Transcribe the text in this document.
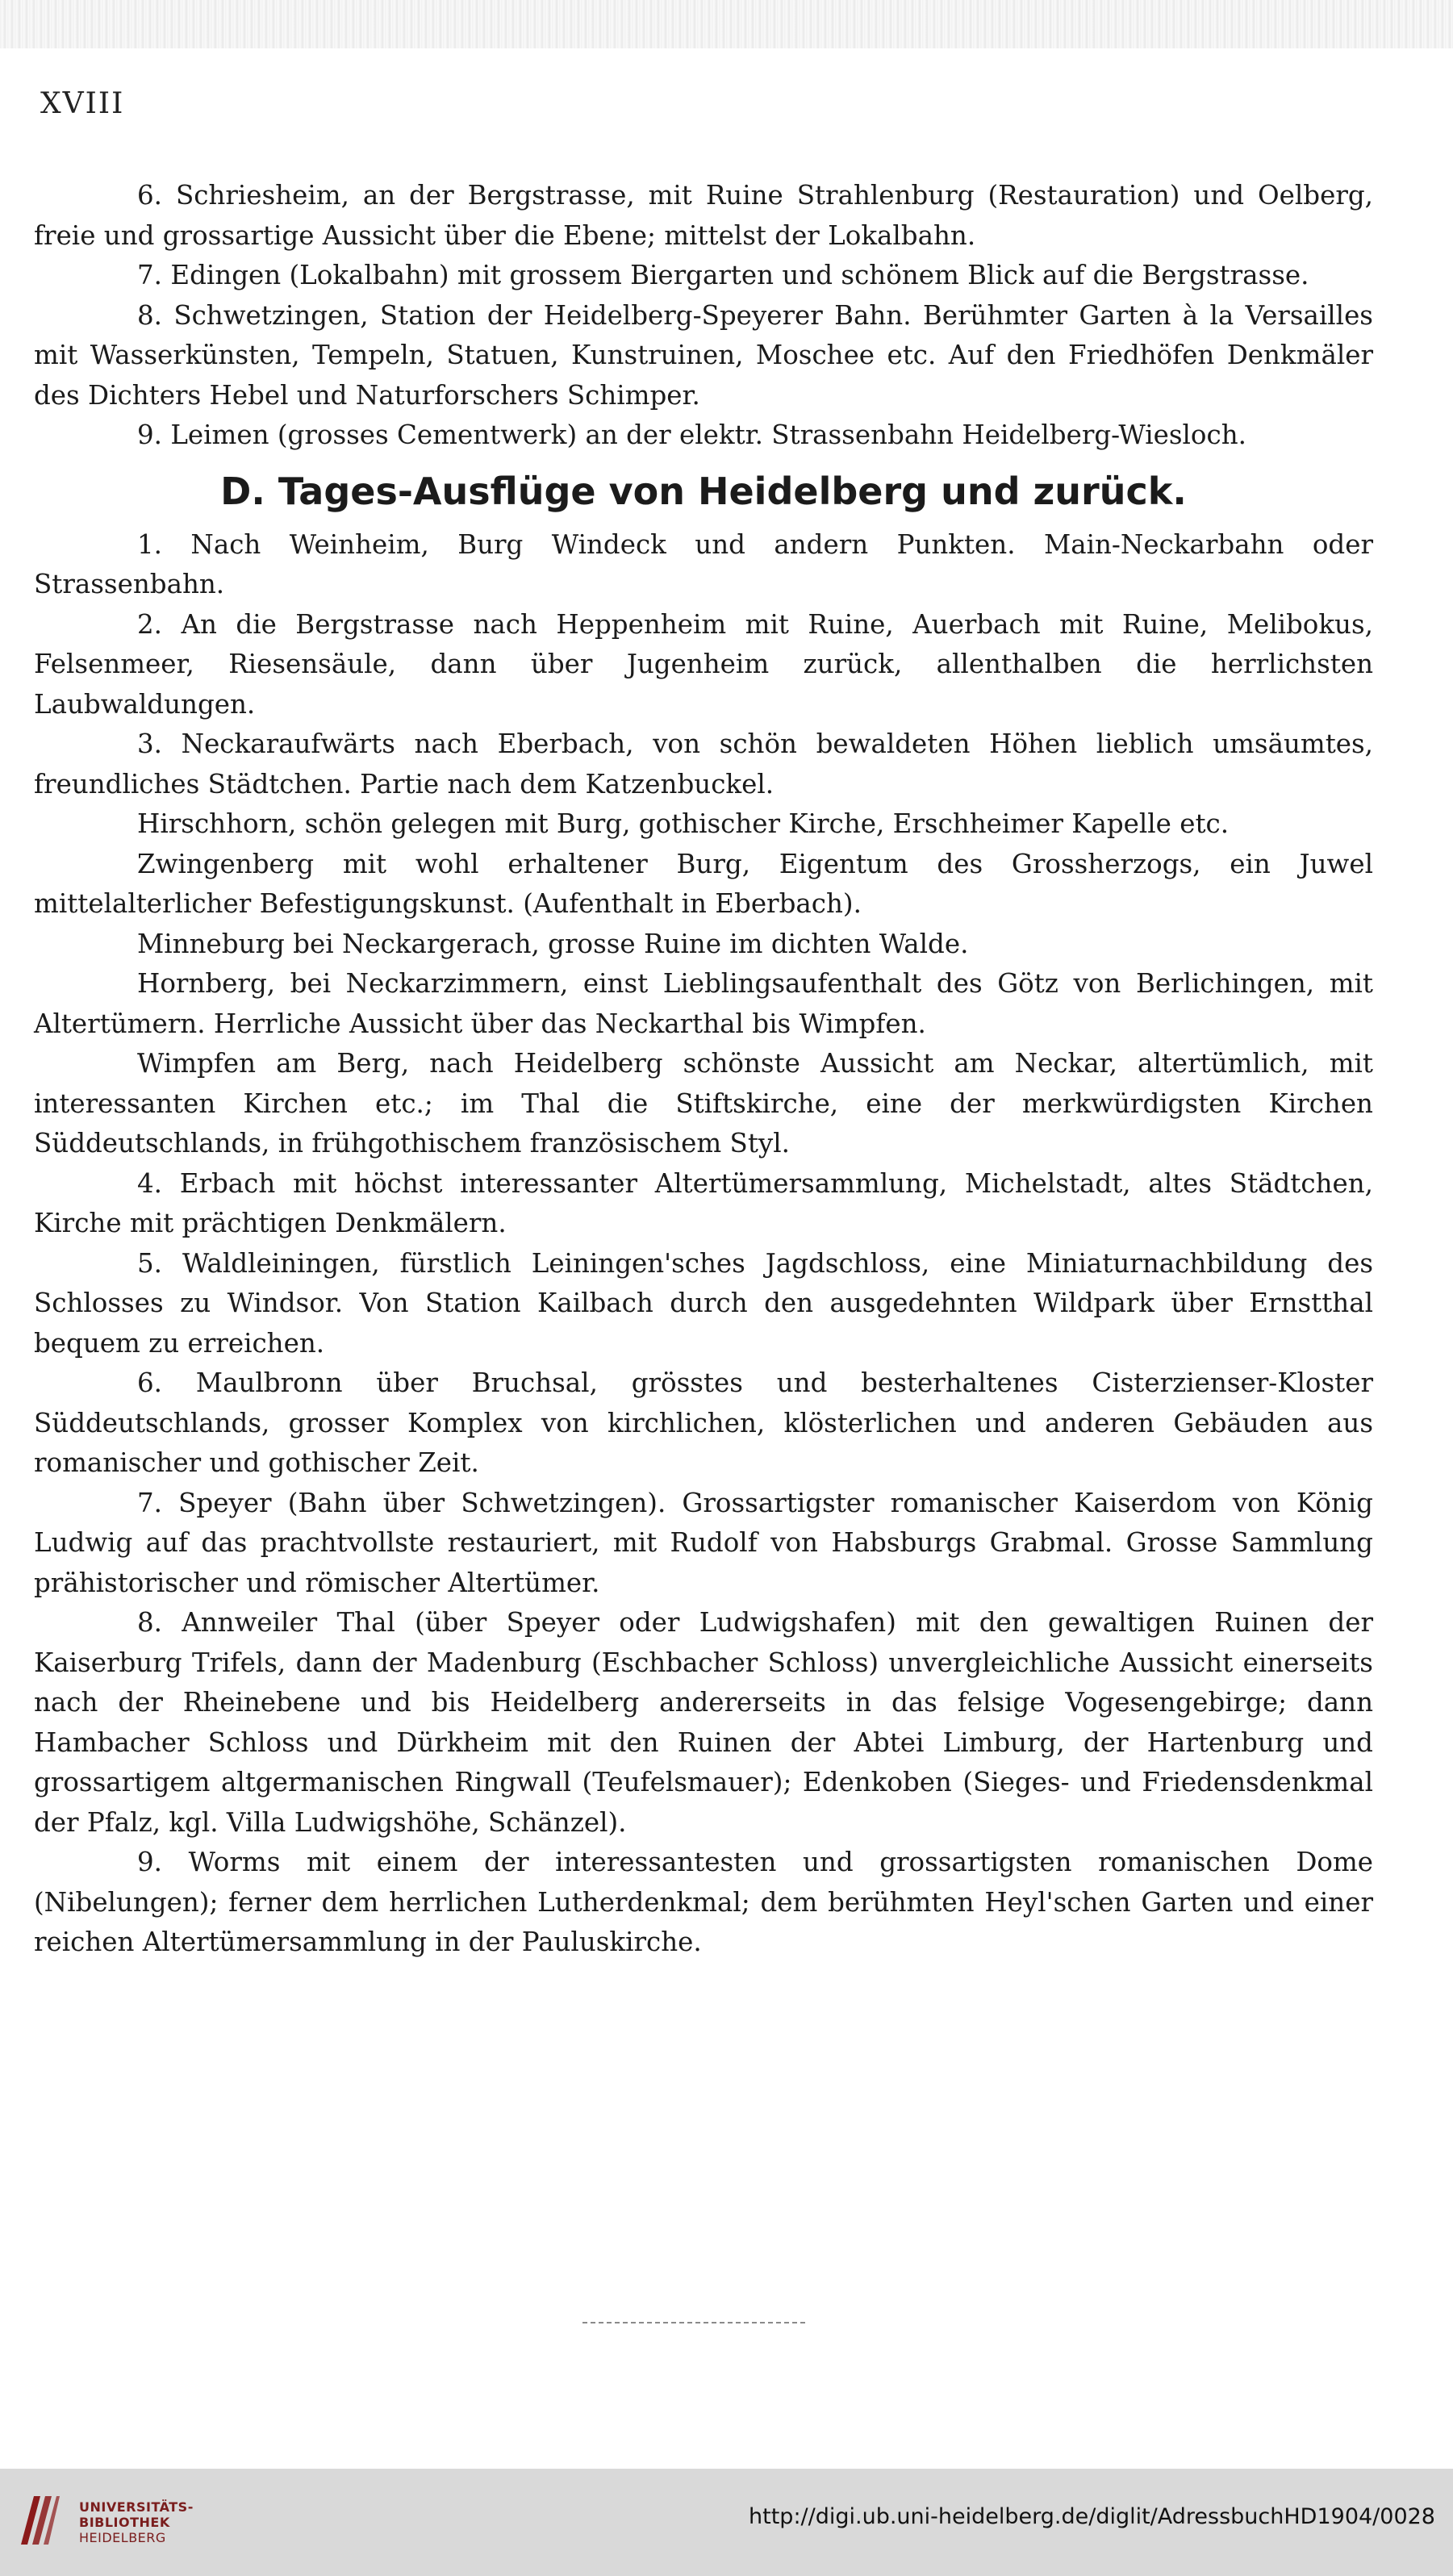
XVIII

6. Schriesheim, an der Bergstrasse, mit Ruine Strahlenburg (Restauration) und Oelberg, freie und grossartige Aussicht über die Ebene; mittelst der Lokalbahn.

7. Edingen (Lokalbahn) mit grossem Biergarten und schönem Blick auf die Bergstrasse.

8. Schwetzingen, Station der Heidelberg-Speyerer Bahn. Berühmter Garten à la Versailles mit Wasserkünsten, Tempeln, Statuen, Kunstruinen, Moschee etc. Auf den Friedhöfen Denkmäler des Dichters Hebel und Naturforschers Schimper.

9. Leimen (grosses Cementwerk) an der elektr. Strassenbahn Heidelberg-Wiesloch.

D. Tages-Ausflüge von Heidelberg und zurück.

1. Nach Weinheim, Burg Windeck und andern Punkten. Main-Neckarbahn oder Strassenbahn.

2. An die Bergstrasse nach Heppenheim mit Ruine, Auerbach mit Ruine, Melibokus, Felsenmeer, Riesensäule, dann über Jugenheim zurück, allenthalben die herrlichsten Laubwaldungen.

3. Neckaraufwärts nach Eberbach, von schön bewaldeten Höhen lieblich umsäumtes, freundliches Städtchen. Partie nach dem Katzenbuckel.

Hirschhorn, schön gelegen mit Burg, gothischer Kirche, Erschheimer Kapelle etc.

Zwingenberg mit wohl erhaltener Burg, Eigentum des Grossherzogs, ein Juwel mittelalterlicher Befestigungskunst. (Aufenthalt in Eberbach).

Minneburg bei Neckargerach, grosse Ruine im dichten Walde.

Hornberg, bei Neckarzimmern, einst Lieblingsaufenthalt des Götz von Berlichingen, mit Altertümern. Herrliche Aussicht über das Neckarthal bis Wimpfen.

Wimpfen am Berg, nach Heidelberg schönste Aussicht am Neckar, altertümlich, mit interessanten Kirchen etc.; im Thal die Stiftskirche, eine der merkwürdigsten Kirchen Süddeutschlands, in frühgothischem französischem Styl.

4. Erbach mit höchst interessanter Altertümersammlung, Michelstadt, altes Städtchen, Kirche mit prächtigen Denkmälern.

5. Waldleiningen, fürstlich Leiningen'sches Jagdschloss, eine Miniaturnachbildung des Schlosses zu Windsor. Von Station Kailbach durch den ausgedehnten Wildpark über Ernstthal bequem zu erreichen.

6. Maulbronn über Bruchsal, grösstes und besterhaltenes Cisterzienser-Kloster Süddeutschlands, grosser Komplex von kirchlichen, klösterlichen und anderen Gebäuden aus romanischer und gothischer Zeit.

7. Speyer (Bahn über Schwetzingen). Grossartigster romanischer Kaiserdom von König Ludwig auf das prachtvollste restauriert, mit Rudolf von Habsburgs Grabmal. Grosse Sammlung prähistorischer und römischer Altertümer.

8. Annweiler Thal (über Speyer oder Ludwigshafen) mit den gewaltigen Ruinen der Kaiserburg Trifels, dann der Madenburg (Eschbacher Schloss) unvergleichliche Aussicht einerseits nach der Rheinebene und bis Heidelberg andererseits in das felsige Vogesengebirge; dann Hambacher Schloss und Dürkheim mit den Ruinen der Abtei Limburg, der Hartenburg und grossartigem altgermanischen Ringwall (Teufelsmauer); Edenkoben (Sieges- und Friedensdenkmal der Pfalz, kgl. Villa Ludwigshöhe, Schänzel).

9. Worms mit einem der interessantesten und grossartigsten romanischen Dome (Nibelungen); ferner dem herrlichen Lutherdenkmal; dem berühmten Heyl'schen Garten und einer reichen Altertümersammlung in der Pauluskirche.

UNIVERSITÄTS-
BIBLIOTHEK
HEIDELBERG
http://digi.ub.uni-heidelberg.de/diglit/AdressbuchHD1904/0028
